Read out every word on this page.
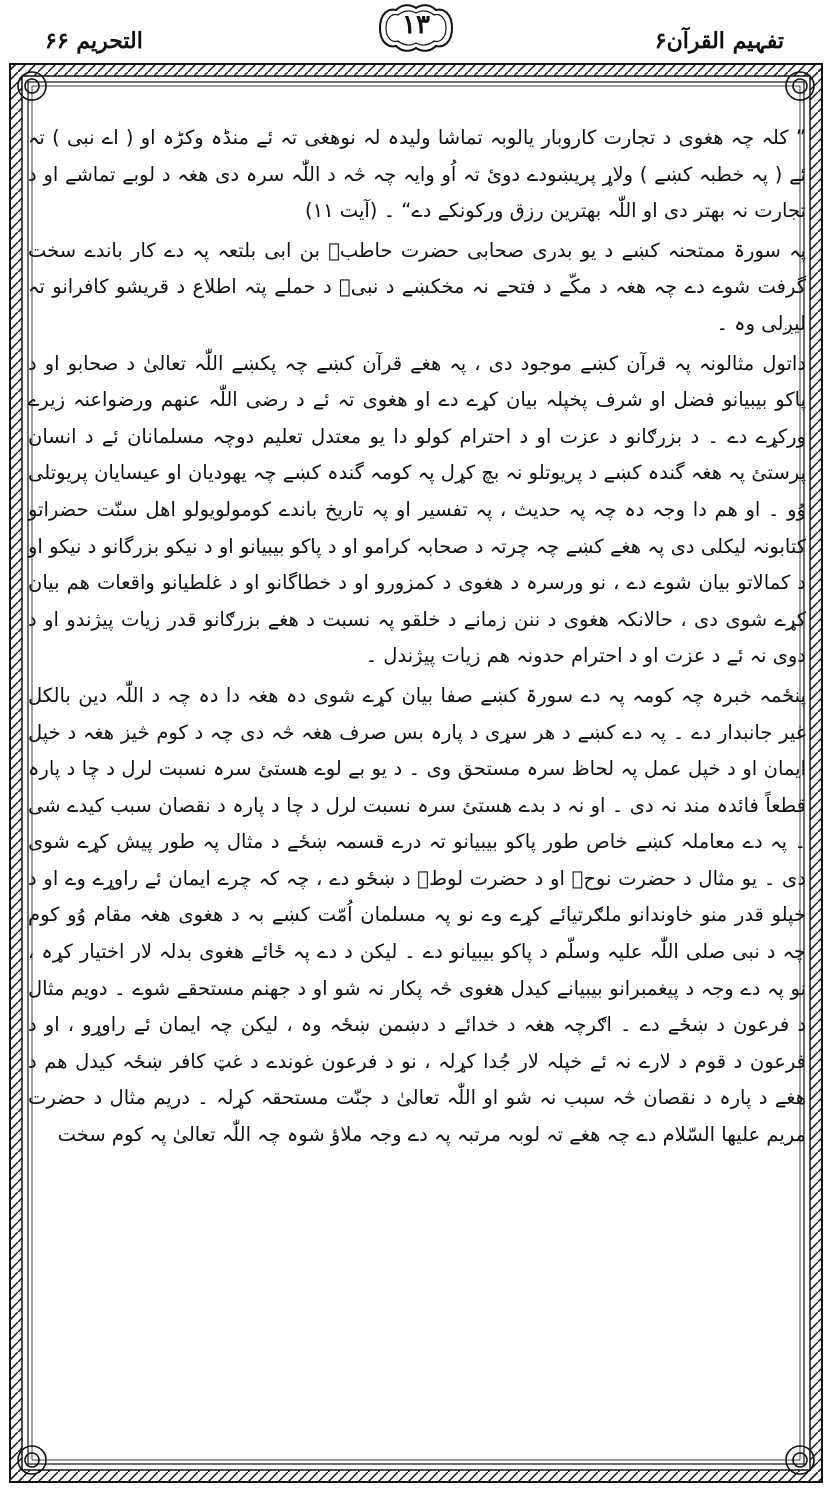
التحریم ۶۶
۱۳
تفہیم القرآن۶

” کلہ چہ ھغوی د تجارت کاروبار یالوبہ تماشا ولیدہ لہ نوھغی تہ ئے منڈہ وکڑہ او ( اے نبی ) تہ ئے ( پہ خطبہ کښے ) ولاړ پریښودے دوئ تہ اُو وایہ چہ څہ د اللّٰہ سرہ دی ھغہ د لوبے تماشے او د تجارت نہ بھتر دی او اللّٰہ بھترین رزق ورکونکے دے“ ۔ (آیت ۱۱)

پہ سورۃ ممتحنہ کښے د یو بدری صحابی حضرت حاطبؓ بن ابی بلتعہ پہ دے کار باندے سخت گرفت شوے دے چہ ھغہ د مکّے د فتحے نہ مخکښے د نبیؐ د حملے پتہ اطلاع د قریشو کافرانو تہ لیږلی وہ ۔

داتول مثالونہ پہ قرآن کښے موجود دی ، پہ ھغے قرآن کښے چہ پکښے اللّٰہ تعالیٰ د صحابو او د پاکو بیبیانو فضل او شرف پخپلہ بیان کړے دے او ھغوی تہ ئے د رضی اللّٰہ عنھم ورضواعنہ زیرے ورکړے دے ۔ د بزرګانو د عزت او د احترام کولو دا یو معتدل تعلیم دوچہ مسلمانان ئے د انسان پرستئ پہ ھغہ گندہ کښے د پریوتلو نہ بچ کړل پہ کومہ گندہ کښے چہ یھودیان او عیسایان پریوتلی وُو ۔ او ھم دا وجہ دہ چہ پہ حدیث ، پہ تفسیر او پہ تاریخ باندے کومولویولو اھل سنّت حضراتو کتابونہ لیکلی دی پہ ھغے کښے چہ چرتہ د صحابہ کرامو او د پاکو بیبیانو او د نیکو بزرگانو د نیکو او د کمالاتو بیان شوے دے ، نو ورسرہ د ھغوی د کمزورو او د خطاگانو او د غلطیانو واقعات ھم بیان کړے شوی دی ، حالانکہ ھغوی د ننن زمانے د خلقو پہ نسبت د ھغے بزرګانو قدر زیات پیژندو او د دوی نہ ئے د عزت او د احترام حدونہ ھم زیات پیژندل ۔

پنځمہ خبرہ چہ کومہ پہ دے سورۃ کښے صفا بیان کړے شوی دہ ھغہ دا دہ چہ د اللّٰہ دین بالکل غیر جانبدار دے ۔ پہ دے کښے د ھر سړی د پارہ بس صرف ھغہ څہ دی چہ د کوم څیز ھغہ د خپل ایمان او د خپل عمل پہ لحاظ سرہ مستحق وی ۔ د یو بے لوے ھستئ سرہ نسبت لرل د چا د پارہ قطعاً فائدہ مند نہ دی ۔ او نہ د بدے ھستئ سرہ نسبت لرل د چا د پارہ د نقصان سبب کیدے شی ۔ پہ دے معاملہ کښے خاص طور پاکو بیبیانو تہ درے قسمہ ښځے د مثال پہ طور پیش کړے شوی دی ۔ یو مثال د حضرت نوحؑ او د حضرت لوطؑ د ښځو دے ، چہ کہ چرے ایمان ئے راوړے وے او د خپلو قدر منو خاوندانو ملګرتیائے کړے وے نو پہ مسلمان اُمّت کښے بہ د ھغوی ھغہ مقام وُو کوم چہ د نبی صلی اللّٰہ علیہ وسلّم د پاکو بیبیانو دے ۔ لیکن د دے پہ ځائے ھغوی بدلہ لار اختیار کړہ ، نو پہ دے وجہ د پیغمبرانو بیبیانے کیدل ھغوی څہ پکار نہ شو او د جھنم مستحقے شوے ۔ دویم مثال د فرعون د ښځے دے ۔ اګرچہ ھغہ د خدائے د دښمن ښځہ وہ ، لیکن چہ ایمان ئے راوړو ، او د فرعون د قوم د لارے نہ ئے خپلہ لار جُدا کړلہ ، نو د فرعون غوندے د غټ کافر ښځہ کیدل ھم د ھغے د پارہ د نقصان څہ سبب نہ شو او اللّٰہ تعالیٰ د جنّت مستحقہ کړلہ ۔ دریم مثال د حضرت مریم علیھا السّلام دے چہ ھغے تہ لوبہ مرتبہ پہ دے وجہ ملاؤ شوہ چہ اللّٰہ تعالیٰ پہ کوم سخت
